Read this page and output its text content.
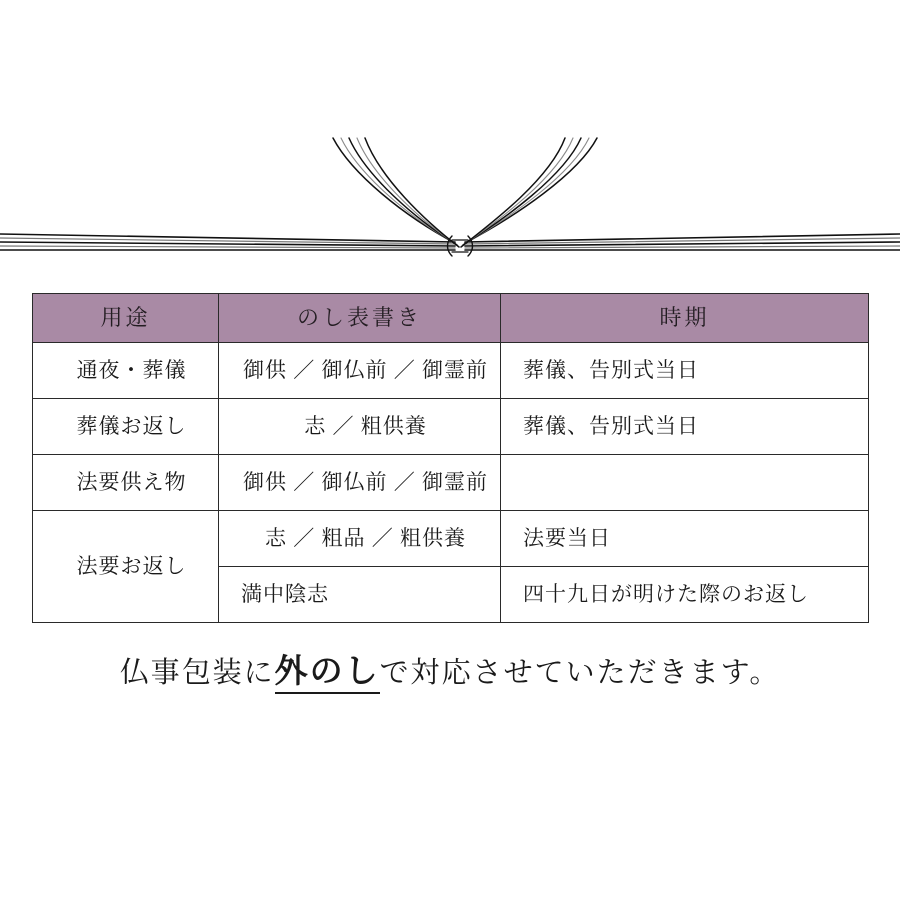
用途	のし表書き	時期
通夜・葬儀	御供 ／ 御仏前 ／ 御霊前	葬儀、告別式当日
葬儀お返し	志 ／ 粗供養	葬儀、告別式当日
法要供え物	御供 ／ 御仏前 ／ 御霊前	
法要お返し	志 ／ 粗品 ／ 粗供養	法要当日
	満中陰志	四十九日が明けた際のお返し
仏事包装に外のしで対応させていただきます。
